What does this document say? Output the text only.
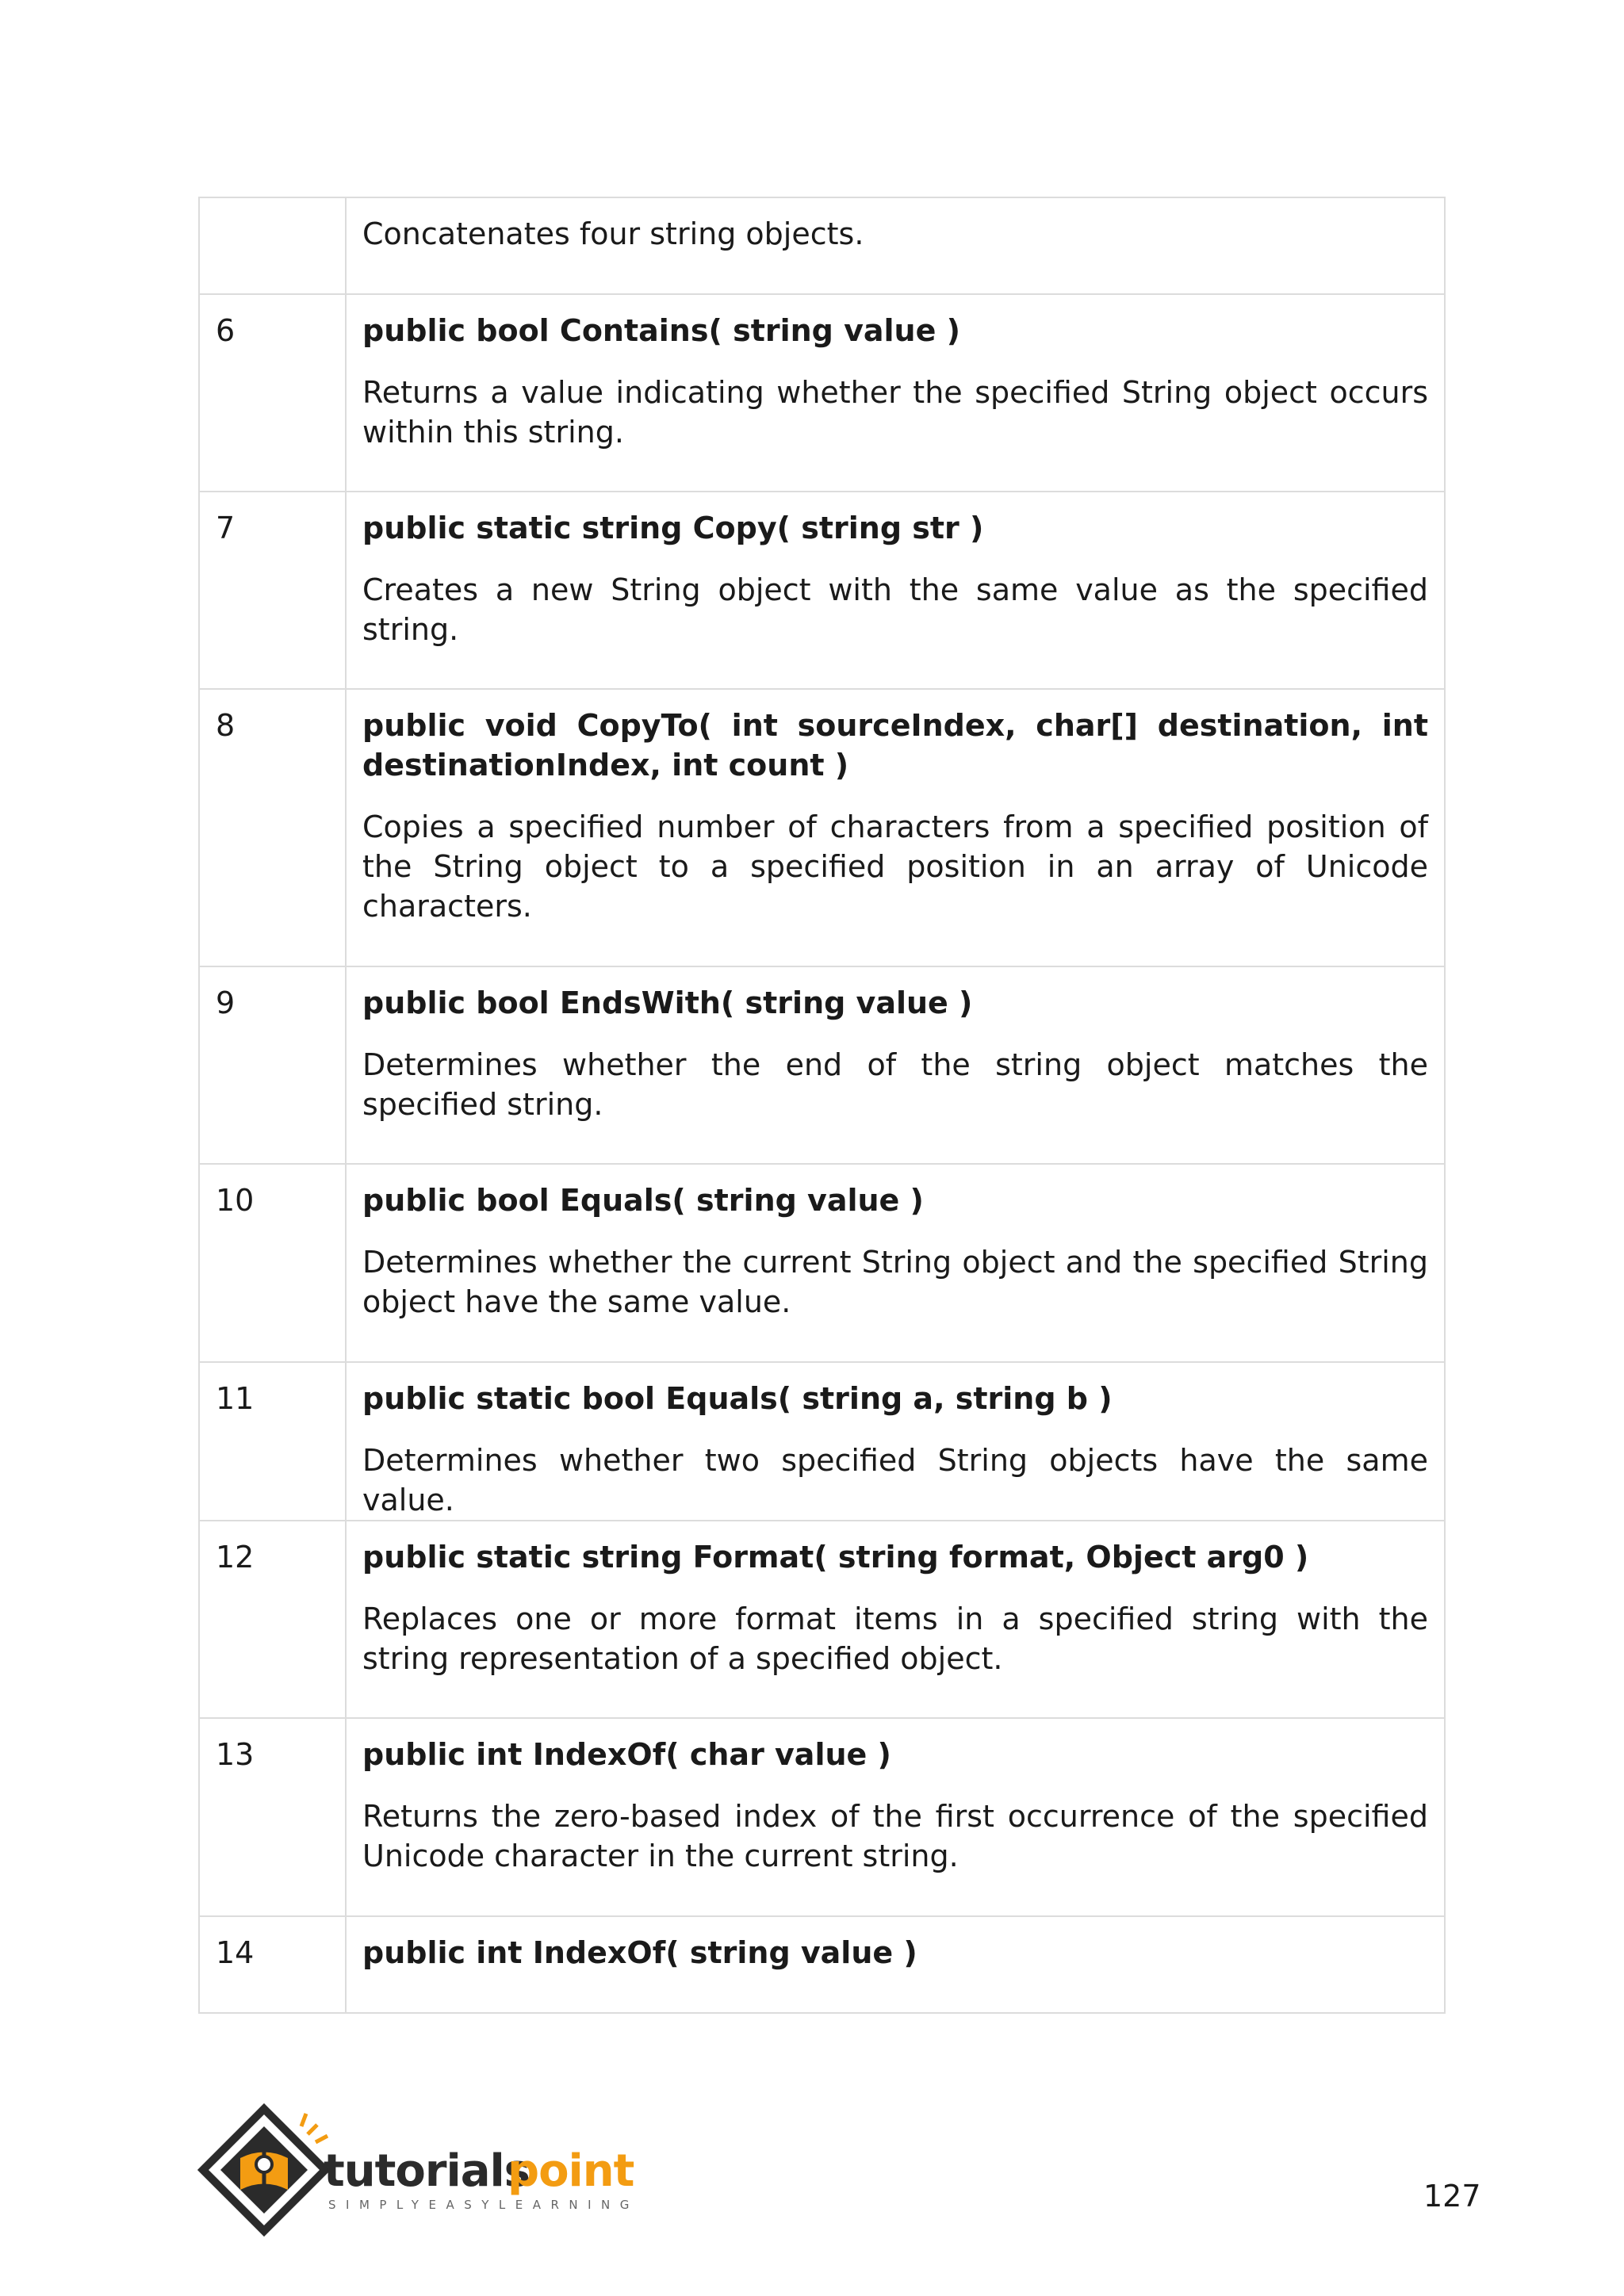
	Concatenates four string objects.

6	public bool Contains( string value )

Returns a value indicating whether the specified String object occurs within this string.

7	public static string Copy( string str )

Creates a new String object with the same value as the specified string.

8	public void CopyTo( int sourceIndex, char[] destination, int destinationIndex, int count )

Copies a specified number of characters from a specified position of the String object to a specified position in an array of Unicode characters.

9	public bool EndsWith( string value )

Determines whether the end of the string object matches the specified string.

10	public bool Equals( string value )

Determines whether the current String object and the specified String object have the same value.

11	public static bool Equals( string a, string b )

Determines whether two specified String objects have the same value.

12	public static string Format( string format, Object arg0 )

Replaces one or more format items in a specified string with the string representation of a specified object.

13	public int IndexOf( char value )

Returns the zero-based index of the first occurrence of the specified Unicode character in the current string.

14	public int IndexOf( string value )

tutorials
point
SIMPLYEASYLEARNING	127
